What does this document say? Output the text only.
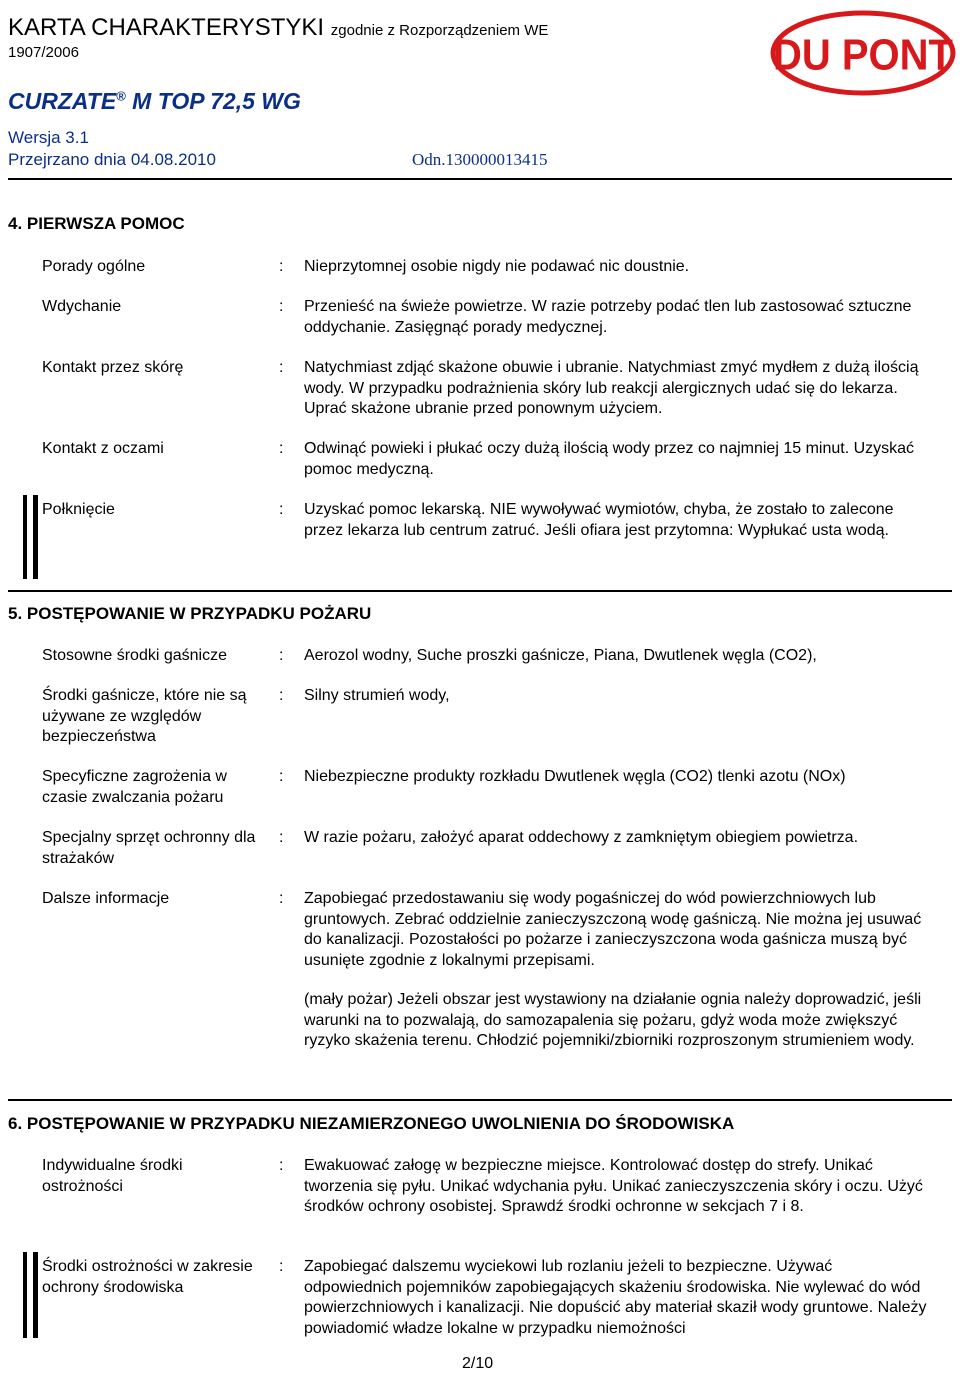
KARTA CHARAKTERYSTYKI zgodnie z Rozporządzeniem WE
1907/2006
CURZATE® M TOP 72,5 WG
Wersja 3.1
Przejrzano dnia 04.08.2010	Odn.130000013415
DU PONT
4. PIERWSZA POMOC
Porady ogólne	: Nieprzytomnej osobie nigdy nie podawać nic doustnie.
Wdychanie	: Przenieść na świeże powietrze. W razie potrzeby podać tlen lub zastosować sztuczne oddychanie. Zasięgnąć porady medycznej.
Kontakt przez skórę	: Natychmiast zdjąć skażone obuwie i ubranie. Natychmiast zmyć mydłem z dużą ilością wody. W przypadku podrażnienia skóry lub reakcji alergicznych udać się do lekarza. Uprać skażone ubranie przed ponownym użyciem.
Kontakt z oczami	: Odwinąć powieki i płukać oczy dużą ilością wody przez co najmniej 15 minut. Uzyskać pomoc medyczną.
Połknięcie	: Uzyskać pomoc lekarską. NIE wywoływać wymiotów, chyba, że zostało to zalecone przez lekarza lub centrum zatruć. Jeśli ofiara jest przytomna: Wypłukać usta wodą.
5. POSTĘPOWANIE W PRZYPADKU POŻARU
Stosowne środki gaśnicze	: Aerozol wodny, Suche proszki gaśnicze, Piana, Dwutlenek węgla (CO2),
Środki gaśnicze, które nie są używane ze względów bezpieczeństwa
: Silny strumień wody,
Specyficzne zagrożenia w czasie zwalczania pożaru
: Niebezpieczne produkty rozkładu Dwutlenek węgla (CO2) tlenki azotu (NOx)
Specjalny sprzęt ochronny dla strażaków
: W razie pożaru, założyć aparat oddechowy z zamkniętym obiegiem powietrza.
Dalsze informacje	: Zapobiegać przedostawaniu się wody pogaśniczej do wód powierzchniowych lub gruntowych. Zebrać oddzielnie zanieczyszczoną wodę gaśniczą. Nie można jej usuwać do kanalizacji. Pozostałości po pożarze i zanieczyszczona woda gaśnicza muszą być usunięte zgodnie z lokalnymi przepisami.
(mały pożar) Jeżeli obszar jest wystawiony na działanie ognia należy doprowadzić, jeśli warunki na to pozwalają, do samozapalenia się pożaru, gdyż woda może zwiększyć ryzyko skażenia terenu. Chłodzić pojemniki/zbiorniki rozproszonym strumieniem wody.
6. POSTĘPOWANIE W PRZYPADKU NIEZAMIERZONEGO UWOLNIENIA DO ŚRODOWISKA
Indywidualne środki ostrożności
: Ewakuować załogę w bezpieczne miejsce. Kontrolować dostęp do strefy. Unikać tworzenia się pyłu. Unikać wdychania pyłu. Unikać zanieczyszczenia skóry i oczu. Użyć środków ochrony osobistej. Sprawdź środki ochronne w sekcjach 7 i 8.
Środki ostrożności w zakresie ochrony środowiska
: Zapobiegać dalszemu wyciekowi lub rozlaniu jeżeli to bezpieczne. Używać odpowiednich pojemników zapobiegających skażeniu środowiska. Nie wylewać do wód powierzchniowych i kanalizacji. Nie dopuścić aby materiał skaził wody gruntowe. Należy powiadomić władze lokalne w przypadku niemożności
2/10
